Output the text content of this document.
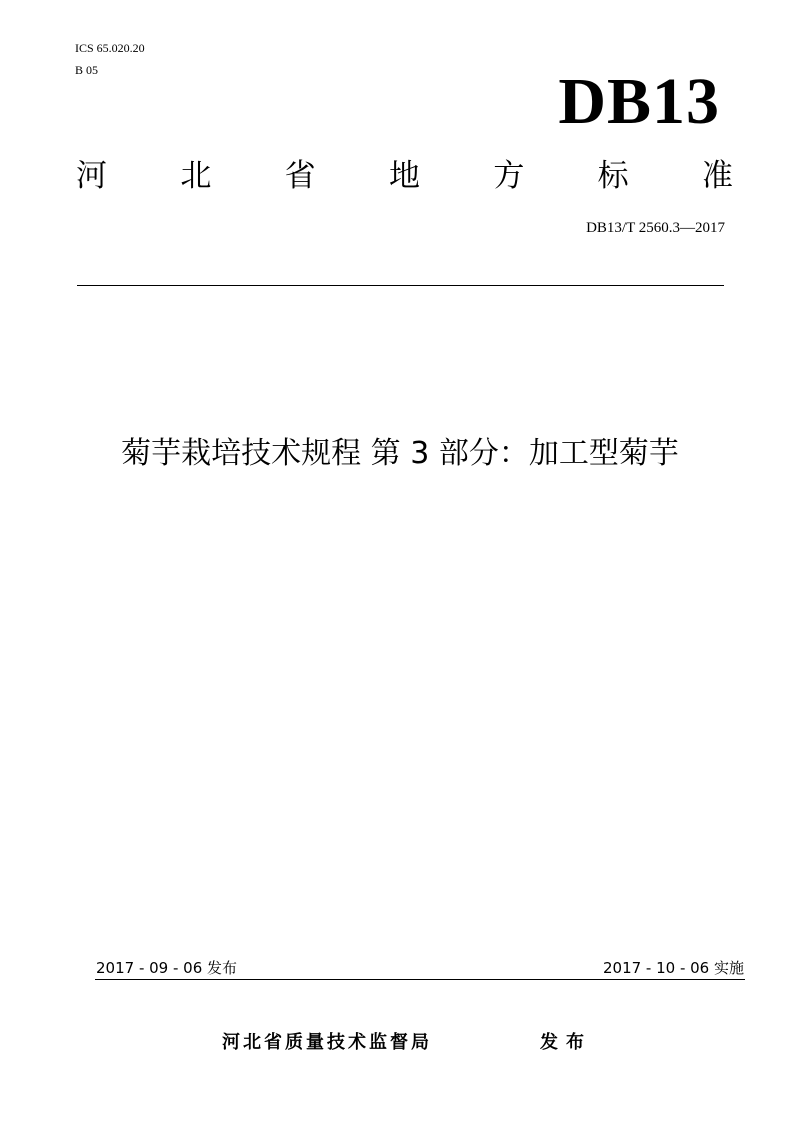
ICS 65.020.20
B 05	DB13
河 北 省 地 方 标 准
DB13/T 2560.3—2017
菊芋栽培技术规程 第 3 部分：加工型菊芋
2017 - 09 - 06 发布	2017 - 10 - 06 实施
河北省质量技术监督局	发布
